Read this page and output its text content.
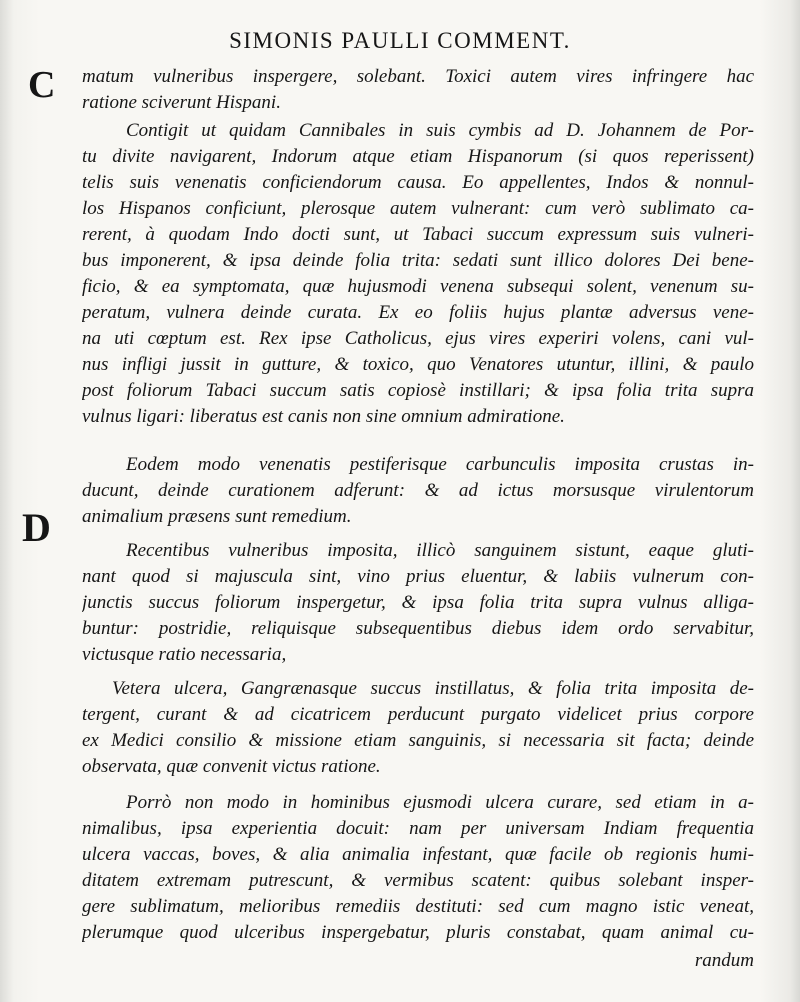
SIMONIS PAULLI COMMENT.
C
D
matum vulneribus inspergere, solebant. Toxici autem vires infringere hac
ratione sciverunt Hispani.
Contigit ut quidam Cannibales in suis cymbis ad D. Johannem de Por-
tu divite navigarent, Indorum atque etiam Hispanorum (si quos reperissent)
telis suis venenatis conficiendorum causa. Eo appellentes, Indos & nonnul-
los Hispanos conficiunt, plerosque autem vulnerant: cum verò sublimato ca-
rerent, à quodam Indo docti sunt, ut Tabaci succum expressum suis vulneri-
bus imponerent, & ipsa deinde folia trita: sedati sunt illico dolores Dei bene-
ficio, & ea symptomata, quæ hujusmodi venena subsequi solent, venenum su-
peratum, vulnera deinde curata. Ex eo foliis hujus plantæ adversus vene-
na uti cœptum est. Rex ipse Catholicus, ejus vires experiri volens, cani vul-
nus infligi jussit in gutture, & toxico, quo Venatores utuntur, illini, & paulo
post foliorum Tabaci succum satis copiosè instillari; & ipsa folia trita supra
vulnus ligari: liberatus est canis non sine omnium admiratione.
Eodem modo venenatis pestiferisque carbunculis imposita crustas in-
ducunt, deinde curationem adferunt: & ad ictus morsusque virulentorum
animalium præsens sunt remedium.
Recentibus vulneribus imposita, illicò sanguinem sistunt, eaque gluti-
nant quod si majuscula sint, vino prius eluentur, & labiis vulnerum con-
junctis succus foliorum inspergetur, & ipsa folia trita supra vulnus alliga-
buntur: postridie, reliquisque subsequentibus diebus idem ordo servabitur,
victusque ratio necessaria,
Vetera ulcera, Gangrænasque succus instillatus, & folia trita imposita de-
tergent, curant & ad cicatricem perducunt purgato videlicet prius corpore
ex Medici consilio & missione etiam sanguinis, si necessaria sit facta; deinde
observata, quæ convenit victus ratione.
Porrò non modo in hominibus ejusmodi ulcera curare, sed etiam in a-
nimalibus, ipsa experientia docuit: nam per universam Indiam frequentia
ulcera vaccas, boves, & alia animalia infestant, quæ facile ob regionis humi-
ditatem extremam putrescunt, & vermibus scatent: quibus solebant insper-
gere sublimatum, melioribus remediis destituti: sed cum magno istic veneat,
plerumque quod ulceribus inspergebatur, pluris constabat, quam animal cu-
randum
